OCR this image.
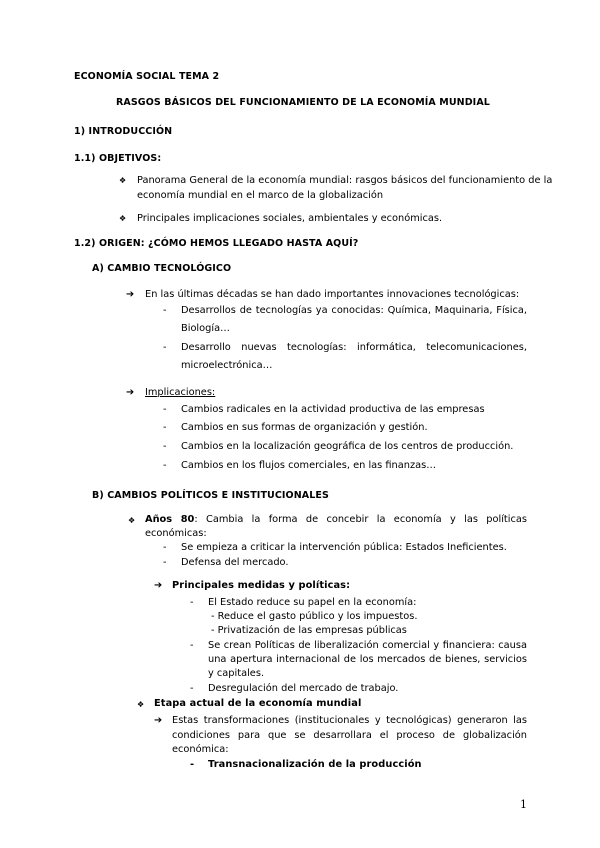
ECONOMÍA SOCIAL TEMA 2
RASGOS BÁSICOS DEL FUNCIONAMIENTO DE LA ECONOMÍA MUNDIAL
1) INTRODUCCIÓN
1.1) OBJETIVOS:
❖ Panorama General de la economía mundial: rasgos básicos del funcionamiento de la
economía mundial en el marco de la globalización
❖ Principales implicaciones sociales, ambientales y económicas.
1.2) ORIGEN: ¿CÓMO HEMOS LLEGADO HASTA AQUÍ?
A) CAMBIO TECNOLÓGICO
➔ En las últimas décadas se han dado importantes innovaciones tecnológicas:
- Desarrollos de tecnologías ya conocidas: Química, Maquinaria, Física,
Biología…
- Desarrollo nuevas tecnologías: informática, telecomunicaciones,
microelectrónica…
➔ Implicaciones:
- Cambios radicales en la actividad productiva de las empresas
- Cambios en sus formas de organización y gestión.
- Cambios en la localización geográfica de los centros de producción.
- Cambios en los flujos comerciales, en las finanzas…
B) CAMBIOS POLÍTICOS E INSTITUCIONALES
❖ Años 80: Cambia la forma de concebir la economía y las políticas
económicas:
- Se empieza a criticar la intervención pública: Estados Ineficientes.
- Defensa del mercado.
➔ Principales medidas y políticas:
- El Estado reduce su papel en la economía:
- Reduce el gasto público y los impuestos.
- Privatización de las empresas públicas
- Se crean Políticas de liberalización comercial y financiera: causa
una apertura internacional de los mercados de bienes, servicios
y capitales.
- Desregulación del mercado de trabajo.
❖ Etapa actual de la economía mundial
➔ Estas transformaciones (institucionales y tecnológicas) generaron las
condiciones para que se desarrollara el proceso de globalización
económica:
- Transnacionalización de la producción
1
